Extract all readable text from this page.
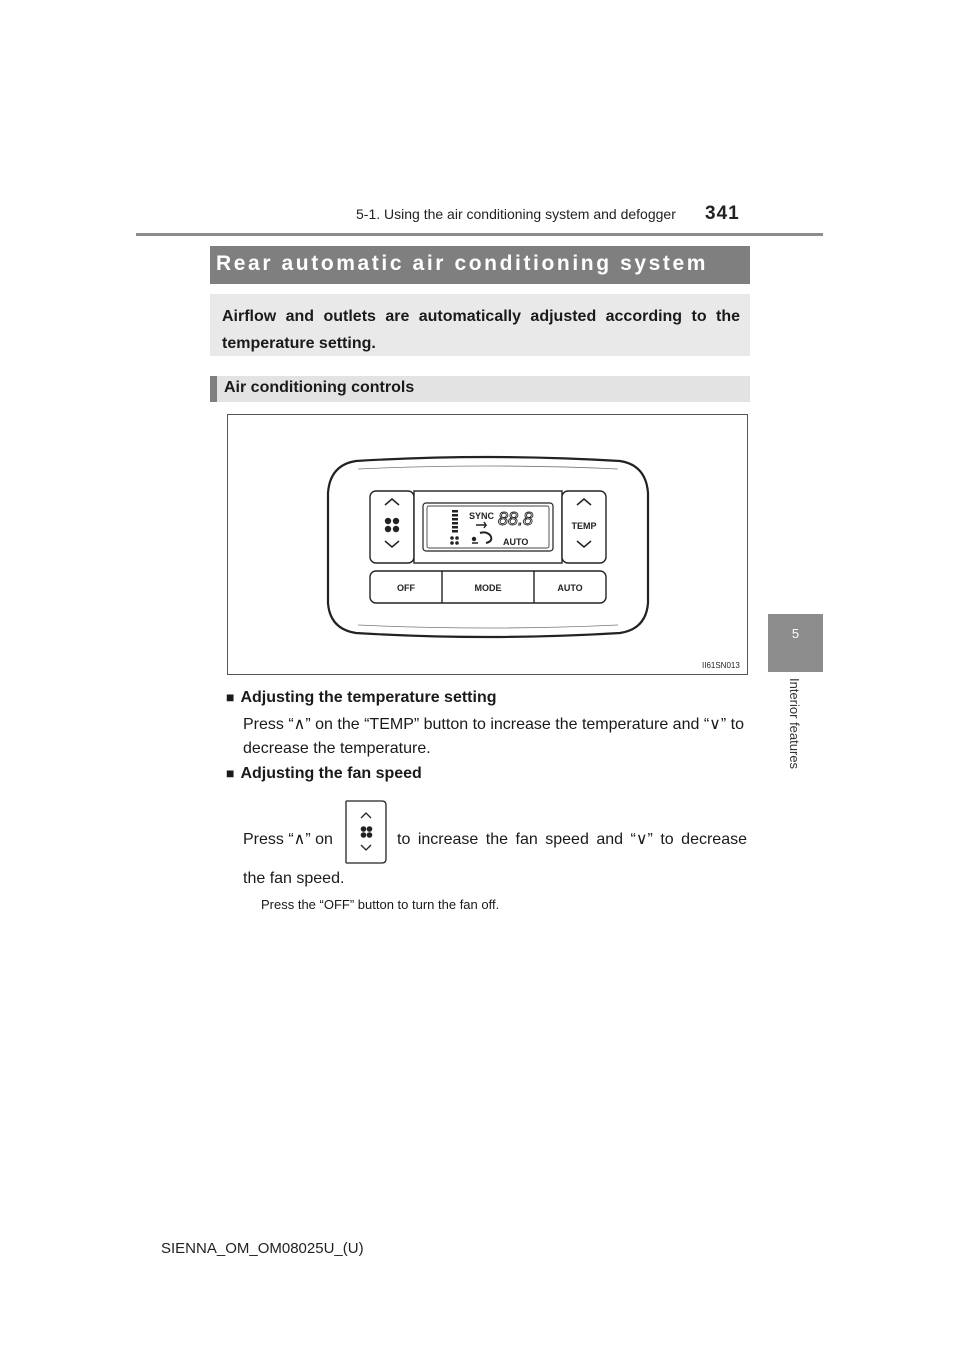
5-1. Using the air conditioning system and defogger 341
5
Interior features
Rear automatic air conditioning system
Airflow and outlets are automatically adjusted according to the temperature setting.
Air conditioning controls
SYNC 88.8
AUTO
TEMP
OFF	MODE	AUTO
II61SN013
■ Adjusting the temperature setting
Press “∧” on the “TEMP” button to increase the temperature and “∨” to decrease the temperature.
■ Adjusting the fan speed
Press “∧” on	to increase the fan speed and “∨” to decrease
the fan speed.
Press the “OFF” button to turn the fan off.
SIENNA_OM_OM08025U_(U)
